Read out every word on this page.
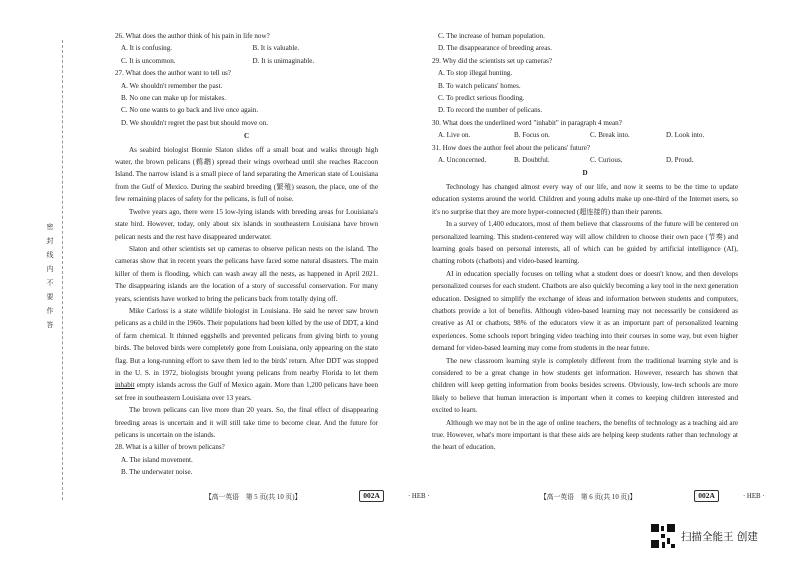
密
封
线
内
不
要
作
答

26. What does the author think of his pain in life now?

A. It is confusing.	B. It is valuable.
C. It is uncommon.	D. It is unimaginable.

27. What does the author want to tell us?

A. We shouldn't remember the past.
B. No one can make up for mistakes.
C. No one wants to go back and live once again.
D. We shouldn't regret the past but should move on.
C

As seabird biologist Bonnie Slaton slides off a small boat and walks through high water, the brown pelicans (鹈鹕) spread their wings overhead until she reaches Raccoon Island. The narrow island is a small piece of land separating the American state of Louisiana from the Gulf of Mexico. During the seabird breeding (繁殖) season, the place, one of the few remaining places of safety for the pelicans, is full of noise.

Twelve years ago, there were 15 low-lying islands with breeding areas for Louisiana's state bird. However, today, only about six islands in southeastern Louisiana have brown pelican nests and the rest have disappeared underwater.

Slaton and other scientists set up cameras to observe pelican nests on the island. The cameras show that in recent years the pelicans have faced some natural disasters. The main killer of them is flooding, which can wash away all the nests, as happened in April 2021. The disappearing islands are the location of a story of successful conservation. For many years, scientists have worked to bring the pelicans back from totally dying off.

Mike Carloss is a state wildlife biologist in Louisiana. He said he never saw brown pelicans as a child in the 1960s. Their populations had been killed by the use of DDT, a kind of farm chemical. It thinned eggshells and prevented pelicans from giving birth to young birds. The beloved birds were completely gone from Louisiana, only appearing on the state flag. But a long-running effort to save them led to the birds' return. After DDT was stopped in the U. S. in 1972, biologists brought young pelicans from nearby Florida to let them inhabit empty islands across the Gulf of Mexico again. More than 1,200 pelicans have been set free in southeastern Louisiana over 13 years.

The brown pelicans can live more than 20 years. So, the final effect of disappearing breeding areas is uncertain and it will still take time to become clear. And the future for pelicans is uncertain on the islands.

28. What is a killer of brown pelicans?

A. The island movement.
B. The underwater noise.
【高一英语　第 5 页(共 10 页)】	002A	· HEB ·
C. The increase of human population.
D. The disappearance of breeding areas.

29. Why did the scientists set up cameras?

A. To stop illegal hunting.
B. To watch pelicans' homes.
C. To predict serious flooding.
D. To record the number of pelicans.

30. What does the underlined word "inhabit" in paragraph 4 mean?

A. Live on.	B. Focus on.	C. Break into.	D. Look into.

31. How does the author feel about the pelicans' future?

A. Unconcerned.	B. Doubtful.	C. Curious.	D. Proud.
D

Technology has changed almost every way of our life, and now it seems to be the time to update education systems around the world. Children and young adults make up one-third of the Internet users, so it's no surprise that they are more hyper-connected (超连接的) than their parents.

In a survey of 1,400 educators, most of them believe that classrooms of the future will be centered on personalized learning. This student-centered way will allow children to choose their own pace (节奏) and learning goals based on personal interests, all of which can be guided by artificial intelligence (AI), chatting robots (chatbots) and video-based learning.

AI in education specially focuses on telling what a student does or doesn't know, and then develops personalized courses for each student. Chatbots are also quickly becoming a key tool in the next generation education. Designed to simplify the exchange of ideas and information between students and computers, chatbots provide a lot of benefits. Although video-based learning may not necessarily be considered as creative as AI or chatbots, 98% of the educators view it as an important part of personalized learning experiences. Some schools report bringing video teaching into their courses in some way, but even higher demand for video-based learning may come from students in the near future.

The new classroom learning style is completely different from the traditional learning style and is considered to be a great change in how students get information. However, research has shown that children will keep getting information from books besides screens. Obviously, low-tech schools are more likely to believe that human interaction is important when it comes to keeping children interested and excited to learn.

Although we may not be in the age of online teachers, the benefits of technology as a teaching aid are true. However, what's more important is that these aids are helping keep students rather than technology at the heart of education.

【高一英语　第 6 页(共 10 页)】	002A	· HEB ·
扫描全能王 创建
